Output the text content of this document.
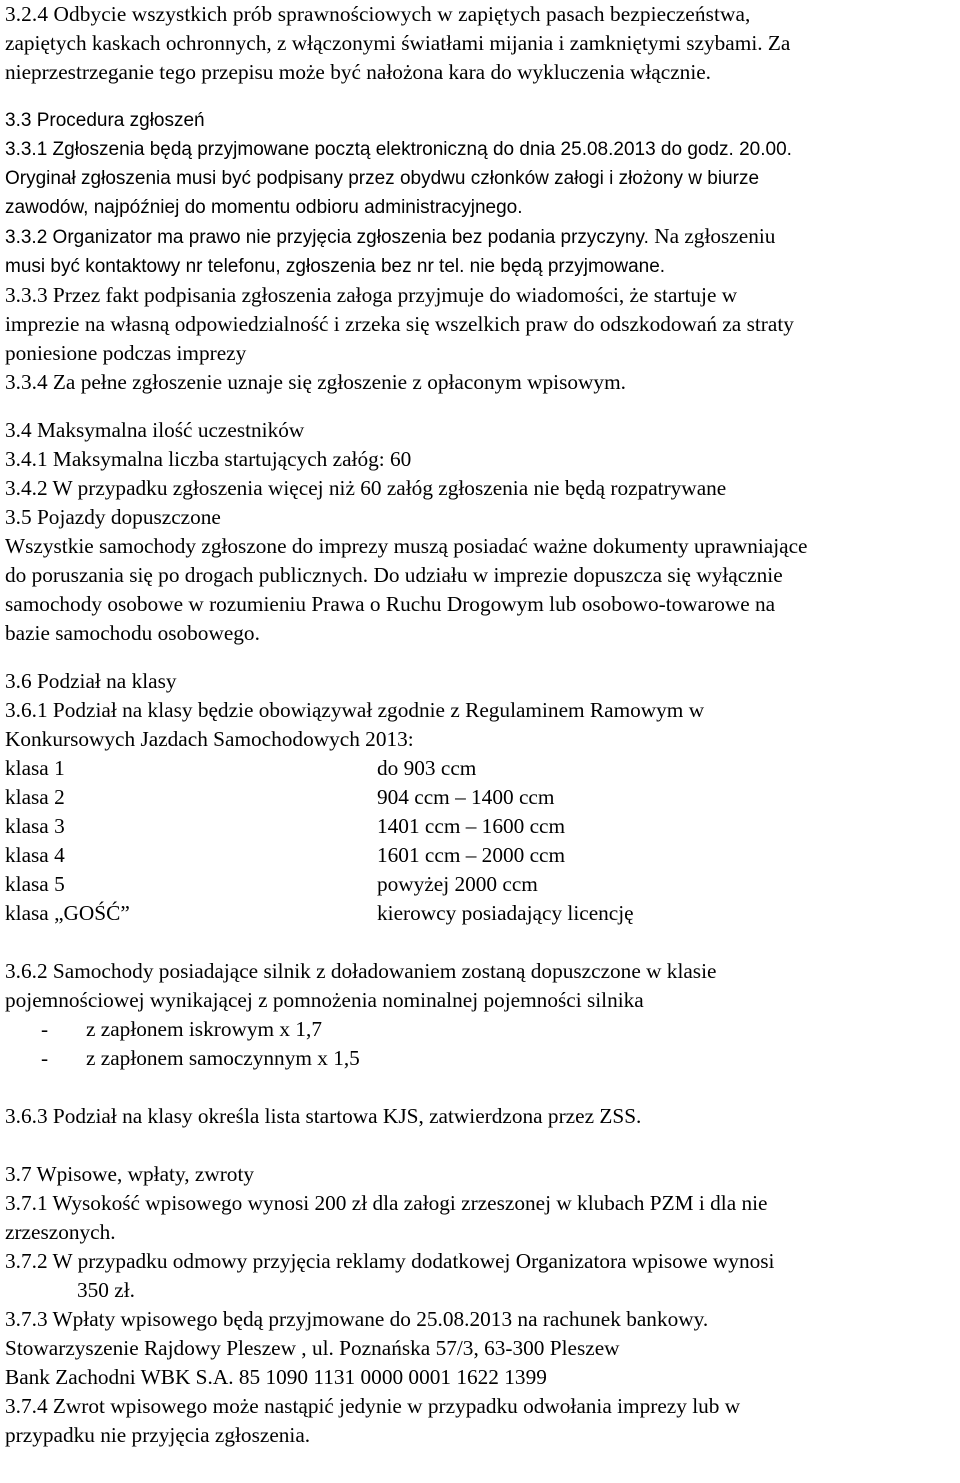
3.2.4 Odbycie wszystkich prób sprawnościowych w zapiętych pasach bezpieczeństwa,
zapiętych kaskach ochronnych, z włączonymi światłami mijania i zamkniętymi szybami. Za
nieprzestrzeganie tego przepisu może być nałożona kara do wykluczenia włącznie.
3.3 Procedura zgłoszeń
3.3.1 Zgłoszenia będą przyjmowane pocztą elektroniczną do dnia 25.08.2013 do godz. 20.00.
Oryginał zgłoszenia musi być podpisany przez obydwu członków załogi i złożony w biurze
zawodów, najpóźniej do momentu odbioru administracyjnego.
3.3.2 Organizator ma prawo nie przyjęcia zgłoszenia bez podania przyczyny. Na zgłoszeniu
musi być kontaktowy nr telefonu, zgłoszenia bez nr tel. nie będą przyjmowane.
3.3.3 Przez fakt podpisania zgłoszenia załoga przyjmuje do wiadomości, że startuje w
imprezie na własną odpowiedzialność i zrzeka się wszelkich praw do odszkodowań za straty
poniesione podczas imprezy
3.3.4 Za pełne zgłoszenie uznaje się zgłoszenie z opłaconym wpisowym.
3.4 Maksymalna ilość uczestników
3.4.1 Maksymalna liczba startujących załóg: 60
3.4.2 W przypadku zgłoszenia więcej niż 60 załóg zgłoszenia nie będą rozpatrywane
3.5 Pojazdy dopuszczone
Wszystkie samochody zgłoszone do imprezy muszą posiadać ważne dokumenty uprawniające
do poruszania się po drogach publicznych. Do udziału w imprezie dopuszcza się wyłącznie
samochody osobowe w rozumieniu Prawa o Ruchu Drogowym lub osobowo-towarowe na
bazie samochodu osobowego.
3.6 Podział na klasy
3.6.1 Podział na klasy będzie obowiązywał zgodnie z Regulaminem Ramowym w
Konkursowych Jazdach Samochodowych 2013:
klasa 1	do 903 ccm
klasa 2	904 ccm – 1400 ccm
klasa 3	1401 ccm – 1600 ccm
klasa 4	1601 ccm – 2000 ccm
klasa 5	powyżej 2000 ccm
klasa „GOŚĆ”	kierowcy posiadający licencję
3.6.2 Samochody posiadające silnik z doładowaniem zostaną dopuszczone w klasie
pojemnościowej wynikającej z pomnożenia nominalnej pojemności silnika
-	z zapłonem iskrowym x 1,7
-	z zapłonem samoczynnym x 1,5
3.6.3 Podział na klasy określa lista startowa KJS, zatwierdzona przez ZSS.
3.7 Wpisowe, wpłaty, zwroty
3.7.1 Wysokość wpisowego wynosi 200 zł dla załogi zrzeszonej w klubach PZM i dla nie
zrzeszonych.
3.7.2 W przypadku odmowy przyjęcia reklamy dodatkowej Organizatora wpisowe wynosi
350 zł.
3.7.3 Wpłaty wpisowego będą przyjmowane do 25.08.2013 na rachunek bankowy.
Stowarzyszenie Rajdowy Pleszew , ul. Poznańska 57/3, 63-300 Pleszew
Bank Zachodni WBK S.A. 85 1090 1131 0000 0001 1622 1399
3.7.4 Zwrot wpisowego może nastąpić jedynie w przypadku odwołania imprezy lub w
przypadku nie przyjęcia zgłoszenia.
